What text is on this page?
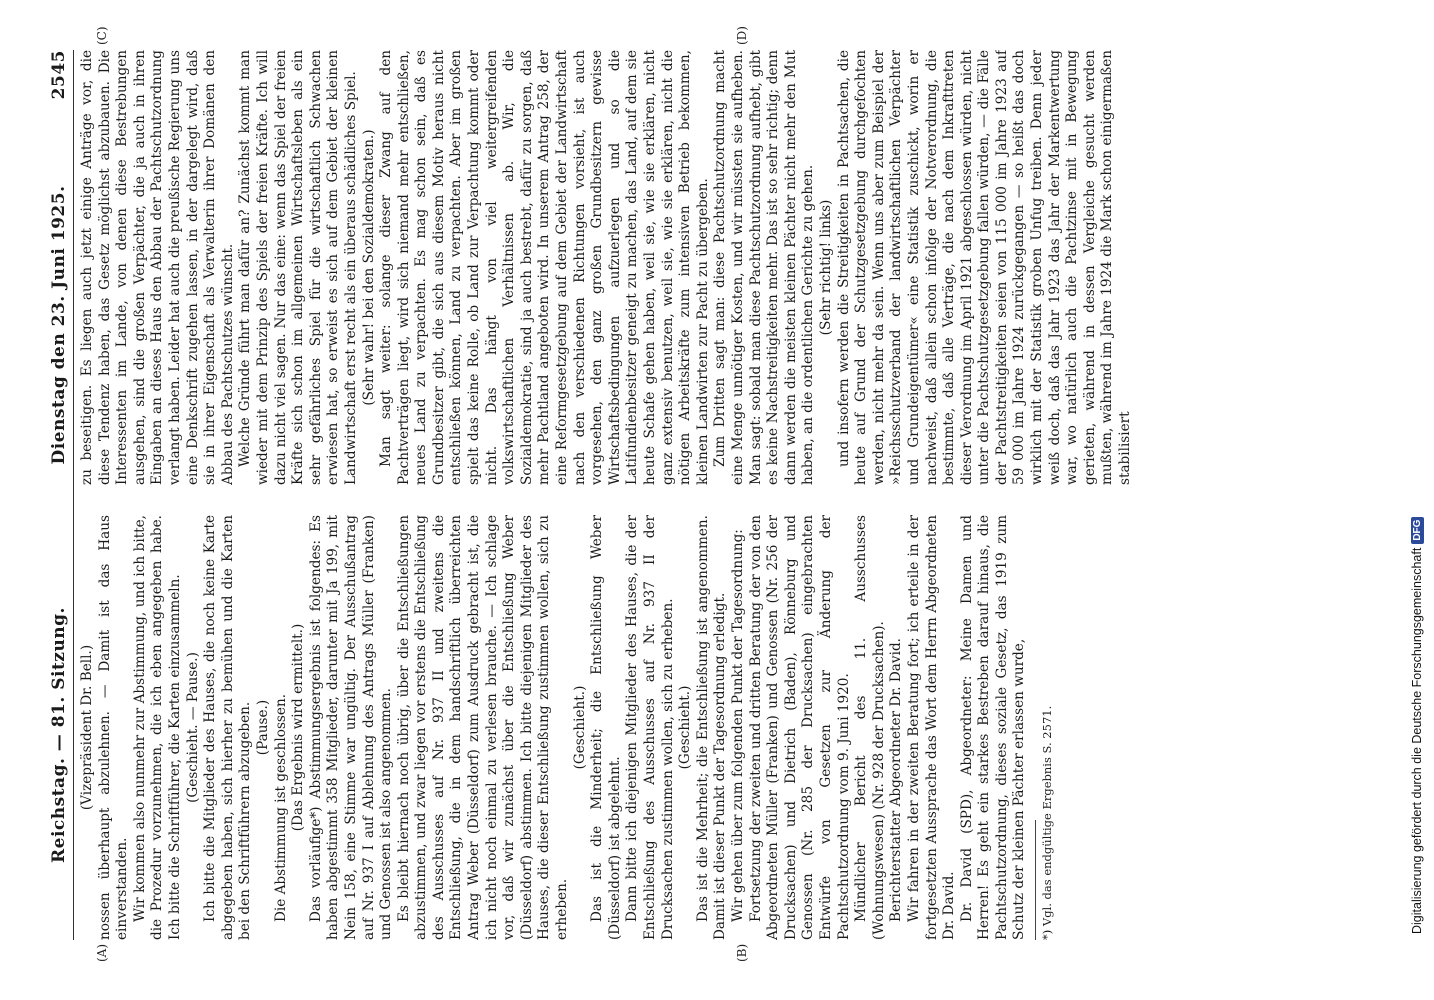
Reichstag. — 81. Sitzung.
Dienstag den 23. Juni 1925.
2545
(A)	(B)
(C)	(D)

(Vizepräsident Dr. Bell.) nossen überhaupt abzulehnen. — Damit ist das Haus einverstanden. Wir kommen also nunmehr zur Abstimmung, und ich bitte, die Prozedur vorzunehmen, die ich eben angegeben habe. Ich bitte die Schriftführer, die Karten einzusammeln. (Geschieht. — Pause.) Ich bitte die Mitglieder des Hauses, die noch keine Karte abgegeben haben, sich hierher zu bemühen und die Karten bei den Schriftführern abzugeben. (Pause.) Die Abstimmung ist geschlossen. (Das Ergebnis wird ermittelt.) Das vorläufige*) Abstimmungsergebnis ist folgendes: Es haben abgestimmt 358 Mitglieder, darunter mit Ja 199, mit Nein 158, eine Stimme war ungültig. Der Ausschußantrag auf Nr. 937 I auf Ablehnung des Antrags Müller (Franken) und Genossen ist also angenommen. Es bleibt hiernach noch übrig, über die Entschließungen abzustimmen, und zwar liegen vor erstens die Entschließung des Ausschusses auf Nr. 937 II und zweitens die Entschließung, die in dem handschriftlich überreichten Antrag Weber (Düsseldorf) zum Ausdruck gebracht ist, die ich nicht noch einmal zu verlesen brauche. — Ich schlage vor, daß wir zunächst über die Entschließung Weber (Düsseldorf) abstimmen. Ich bitte diejenigen Mitglieder des Hauses, die dieser Entschließung zustimmen wollen, sich zu erheben.

(Geschieht.) Das ist die Minderheit; die Entschließung Weber (Düsseldorf) ist abgelehnt. Dann bitte ich diejenigen Mitglieder des Hauses, die der Entschließung des Ausschusses auf Nr. 937 II der Drucksachen zustimmen wollen, sich zu erheben. (Geschieht.) Das ist die Mehrheit; die Entschließung ist angenommen. Damit ist dieser Punkt der Tagesordnung erledigt. Wir gehen über zum folgenden Punkt der Tagesordnung: Fortsetzung der zweiten und dritten Beratung der von den Abgeordneten Müller (Franken) und Genossen (Nr. 256 der Drucksachen) und Dietrich (Baden), Rönneburg und Genossen (Nr. 285 der Drucksachen) eingebrachten Entwürfe von Gesetzen zur Änderung der Pachtschutzordnung vom 9. Juni 1920. Mündlicher Bericht des 11. Ausschusses (Wohnungswesen) (Nr. 928 der Drucksachen). Berichterstatter Abgeordneter Dr. David. Wir fahren in der zweiten Beratung fort; ich erteile in der fortgesetzten Aussprache das Wort dem Herrn Abgeordneten Dr. David. Dr. David (SPD), Abgeordneter: Meine Damen und Herren! Es geht ein starkes Bestreben darauf hinaus, die Pachtschutzordnung, dieses soziale Gesetz, das 1919 zum Schutz der kleinen Pächter erlassen wurde, *) Vgl. das endgültige Ergebnis S. 2571.

zu beseitigen. Es liegen auch jetzt einige Anträge vor, die diese Tendenz haben, das Gesetz möglichst abzubauen. Die Interessenten im Lande, von denen diese Bestrebungen ausgehen, sind die großen Verpächter, die ja auch in ihren Eingaben an dieses Haus den Abbau der Pachtschutzordnung verlangt haben. Leider hat auch die preußische Regierung uns eine Denkschrift zugehen lassen, in der dargelegt wird, daß sie in ihrer Eigenschaft als Verwalterin ihrer Domänen den Abbau des Pachtschutzes wünscht. Welche Gründe führt man dafür an? Zunächst kommt man wieder mit dem Prinzip des Spiels der freien Kräfte. Ich will dazu nicht viel sagen. Nur das eine: wenn das Spiel der freien Kräfte sich schon im allgemeinen Wirtschaftsleben als ein sehr gefährliches Spiel für die wirtschaftlich Schwachen erwiesen hat, so erweist es sich auf dem Gebiet der kleinen Landwirtschaft erst recht als ein überaus schädliches Spiel. (Sehr wahr! bei den Sozialdemokraten.) Man sagt weiter: solange dieser Zwang auf den Pachtverträgen liegt, wird sich niemand mehr entschließen, neues Land zu verpachten. Es mag schon sein, daß es Grundbesitzer gibt, die sich aus diesem Motiv heraus nicht entschließen können, Land zu verpachten. Aber im großen spielt das keine Rolle, ob Land zur Verpachtung kommt oder nicht. Das hängt von viel weitergreifenden volkswirtschaftlichen Verhältnissen ab. Wir, die Sozialdemokratie, sind ja auch bestrebt, dafür zu sorgen, daß mehr Pachtland angeboten wird. In unserem Antrag 258, der eine Reformgesetzgebung auf dem Gebiet der Landwirtschaft nach den verschiedenen Richtungen vorsieht, ist auch vorgesehen, den ganz großen Grundbesitzern gewisse Wirtschaftsbedingungen aufzuerlegen und so die Latifundienbesitzer geneigt zu machen, das Land, auf dem sie heute Schafe gehen haben, weil sie, wie sie erklären, nicht ganz extensiv benutzen, weil sie, wie sie erklären, nicht die nötigen Arbeitskräfte zum intensiven Betrieb bekommen, kleinen Landwirten zur Pacht zu übergeben. Zum Dritten sagt man: diese Pachtschutzordnung macht eine Menge unnötiger Kosten, und wir müssten sie aufheben. Man sagt: sobald man diese Pachtschutzordnung aufhebt, gibt es keine Nachstreitigkeiten mehr. Das ist so sehr richtig; denn dann werden die meisten kleinen Pächter nicht mehr den Mut haben, an die ordentlichen Gerichte zu gehen. (Sehr richtig! links) und insofern werden die Streitigkeiten in Pachtsachen, die heute auf Grund der Schutzgesetzgebung durchgefochten werden, nicht mehr da sein. Wenn uns aber zum Beispiel der »Reichsschutzverband der landwirtschaftlichen Verpächter und Grundeigentümer« eine Statistik zuschickt, worin er nachweist, daß allein schon infolge der Notverordnung, die bestimmte, daß alle Verträge, die nach dem Inkrafttreten dieser Verordnung im April 1921 abgeschlossen würden, nicht unter die Pachtschutzgesetzgebung fallen würden, — die Fälle der Pachtstreitigkeiten seien von 115 000 im Jahre 1923 auf 59 000 im Jahre 1924 zurückgegangen — so heißt das doch wirklich mit der Statistik groben Unfug treiben. Denn jeder weiß doch, daß das Jahr 1923 das Jahr der Markentwertung war, wo natürlich auch die Pachtzinse mit in Bewegung gerieten, während in dessen Vergleiche gesucht werden mußten, während im Jahre 1924 die Mark schon einigermaßen stabilisiert

Digitalisierung gefördert durch die Deutsche Forschungsgemeinschaft
DFG
